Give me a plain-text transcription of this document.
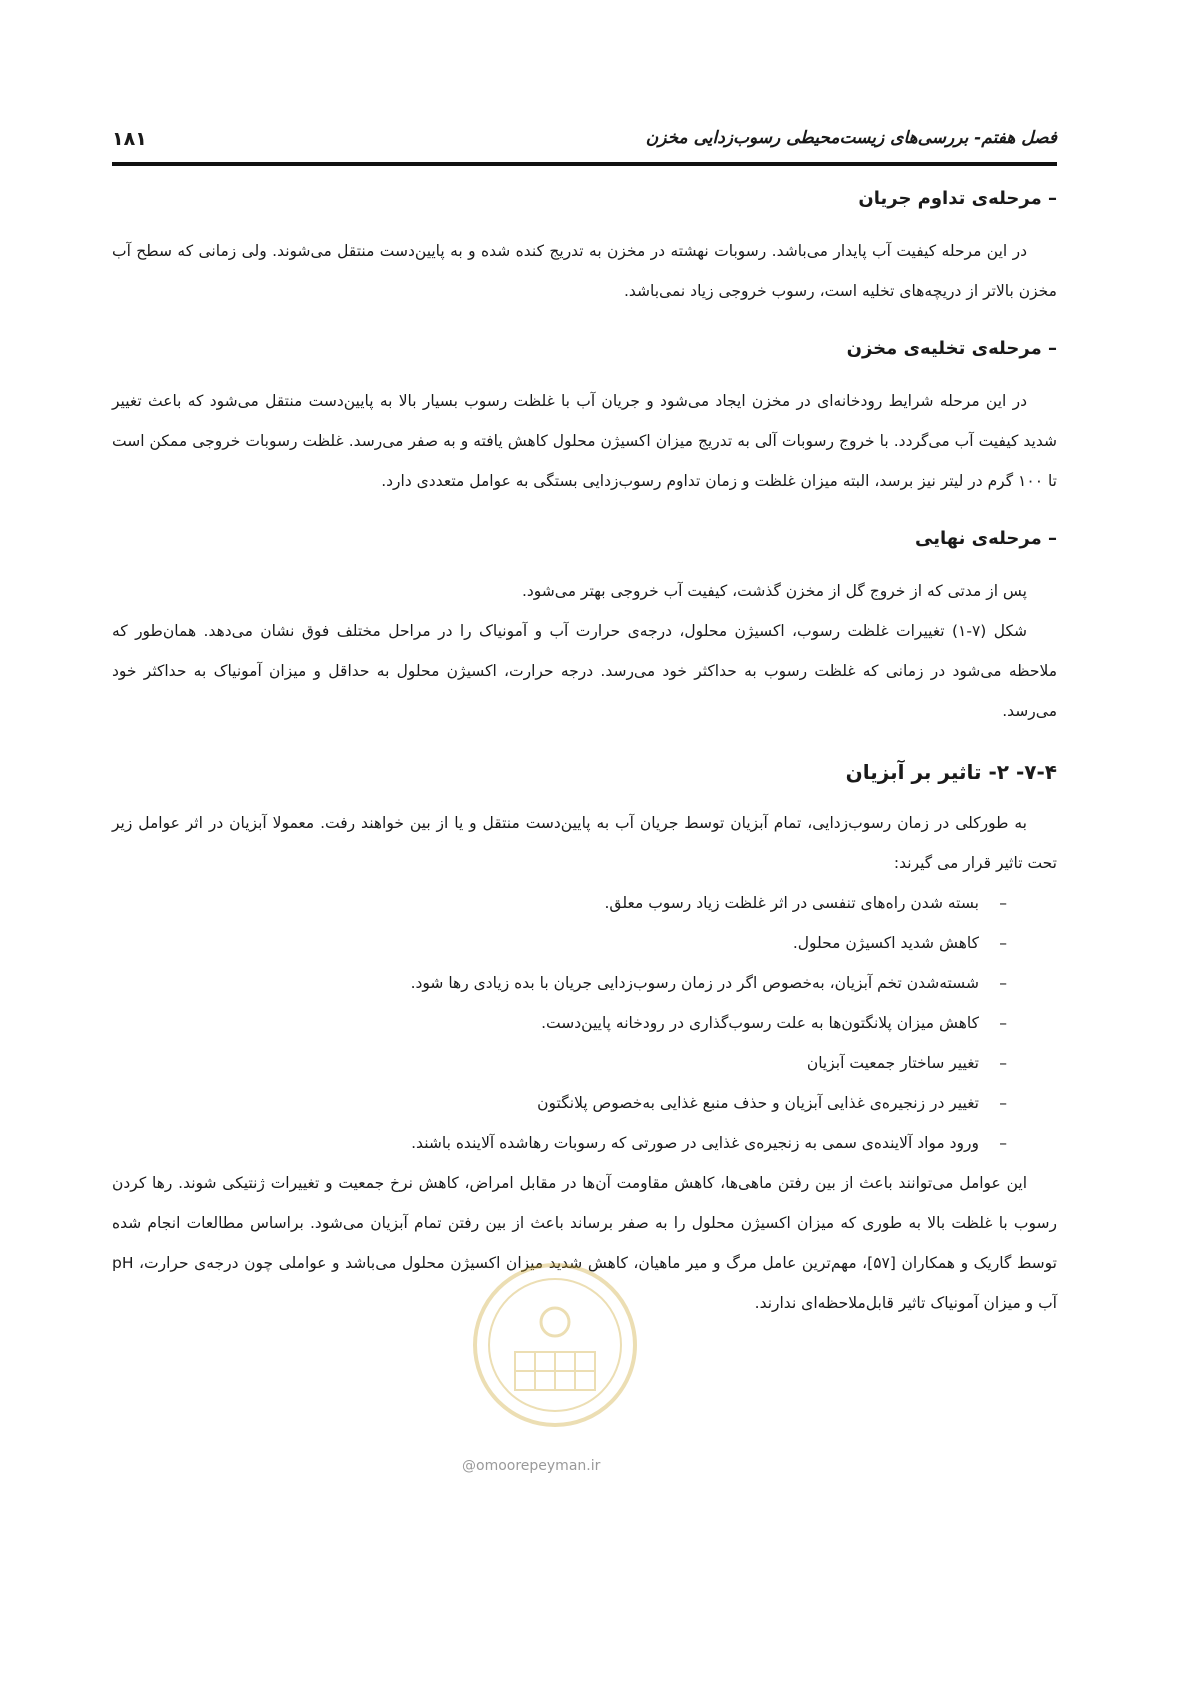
فصل هفتم- بررسی‌های زیست‌محیطی رسوب‌زدایی مخزن
۱۸۱
– مرحله‌ی تداوم جریان

در این مرحله کیفیت آب پایدار می‌باشد. رسوبات نهشته در مخزن به تدریج کنده شده و به پایین‌دست منتقل می‌شوند. ولی زمانی که سطح آب مخزن بالاتر از دریچه‌های تخلیه است، رسوب خروجی زیاد نمی‌باشد.

– مرحله‌ی تخلیه‌ی مخزن

در این مرحله شرایط رودخانه‌ای در مخزن ایجاد می‌شود و جریان آب با غلظت رسوب بسیار بالا به پایین‌دست منتقل می‌شود که باعث تغییر شدید کیفیت آب می‌گردد. با خروج رسوبات آلی به تدریج میزان اکسیژن محلول کاهش یافته و به صفر می‌رسد. غلظت رسوبات خروجی ممکن است تا ۱۰۰ گرم در لیتر نیز برسد، البته میزان غلظت و زمان تداوم رسوب‌زدایی بستگی به عوامل متعددی دارد.

– مرحله‌ی نهایی

پس از مدتی که از خروج گل از مخزن گذشت، کیفیت آب خروجی بهتر می‌شود.

شکل (۷-۱) تغییرات غلظت رسوب، اکسیژن محلول، درجه‌ی حرارت آب و آمونیاک را در مراحل مختلف فوق نشان می‌دهد. همان‌طور که ملاحظه می‌شود در زمانی که غلظت رسوب به حداکثر خود می‌رسد. درجه حرارت، اکسیژن محلول به حداقل و میزان آمونیاک به حداکثر خود می‌رسد.

۷-۴- ۲- تاثیر بر آبزیان

به طورکلی در زمان رسوب‌زدایی، تمام آبزیان توسط جریان آب به پایین‌دست منتقل و یا از بین خواهند رفت. معمولا آبزیان در اثر عوامل زیر تحت تاثیر قرار می گیرند:

– بسته شدن راه‌های تنفسی در اثر غلظت زیاد رسوب معلق.
– کاهش شدید اکسیژن محلول.
– شسته‌شدن تخم آبزیان، به‌خصوص اگر در زمان رسوب‌زدایی جریان با بده زیادی رها شود.
– کاهش میزان پلانگتون‌ها به علت رسوب‌گذاری در رودخانه پایین‌دست.
– تغییر ساختار جمعیت آبزیان
– تغییر در زنجیره‌ی غذایی آبزیان و حذف منبع غذایی به‌خصوص پلانگتون
– ورود مواد آلاینده‌ی سمی به زنجیره‌ی غذایی در صورتی که رسوبات رهاشده آلاینده باشند.

این عوامل می‌توانند باعث از بین رفتن ماهی‌ها، کاهش مقاومت آن‌ها در مقابل امراض، کاهش نرخ جمعیت و تغییرات ژنتیکی شوند. رها کردن رسوب با غلظت بالا به طوری که میزان اکسیژن محلول را به صفر برساند باعث از بین رفتن تمام آبزیان می‌شود. براساس مطالعات انجام شده توسط گاریک و همکاران [۵۷]، مهم‌ترین عامل مرگ و میر ماهیان، کاهش شدید میزان اکسیژن محلول می‌باشد و عواملی چون درجه‌ی حرارت، pH آب و میزان آمونیاک تاثیر قابل‌ملاحظه‌ای ندارند.

@omoorepeyman.ir
